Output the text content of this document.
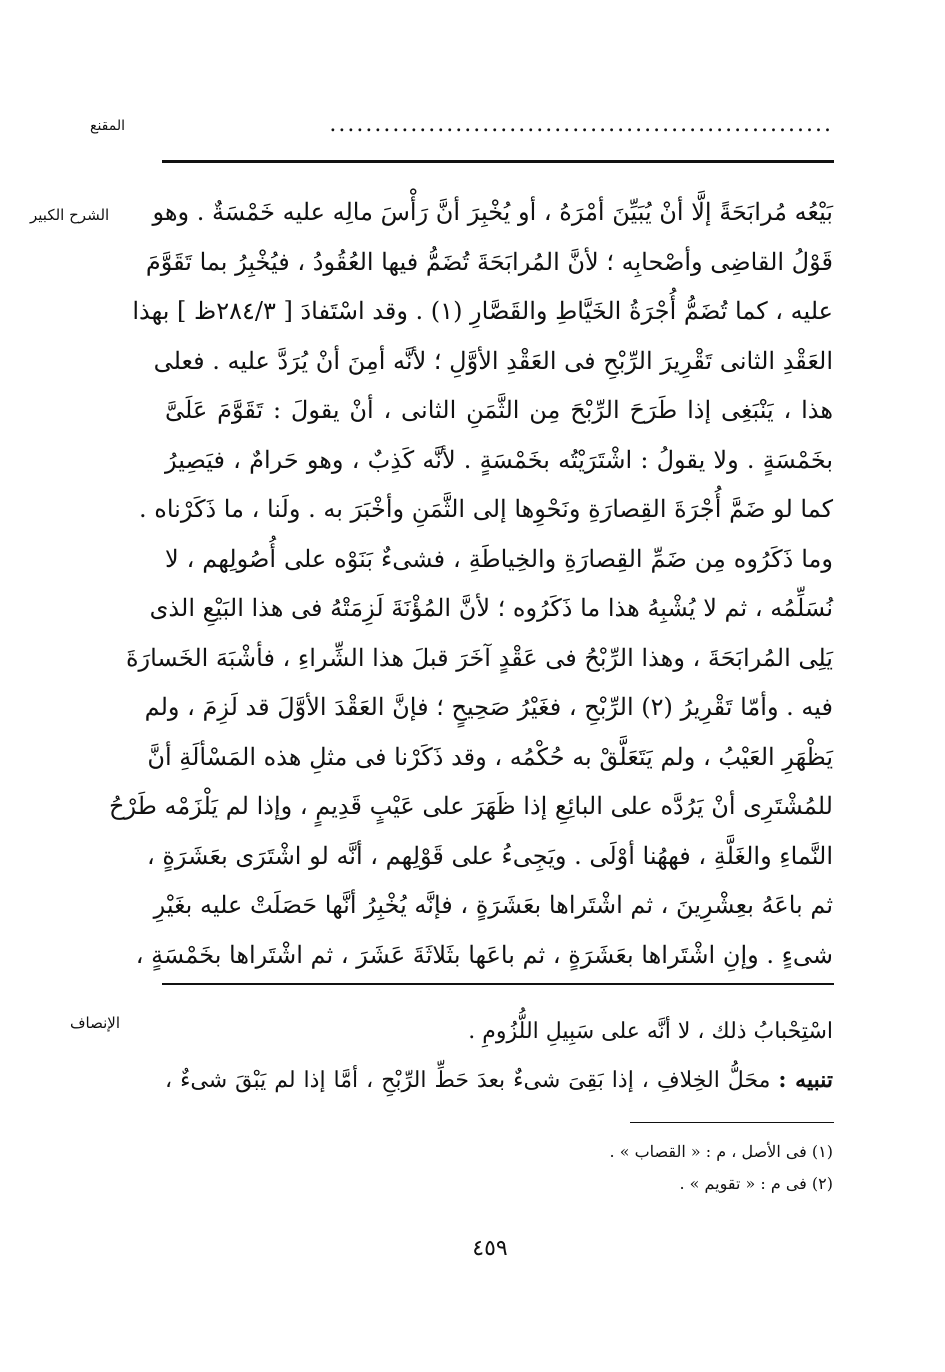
المقنع	........................................................
الشرح الكبير	بَيْعُه مُرابَحَةً إلَّا أنْ يُبَيِّنَ أمْرَهُ ، أو يُخْبِرَ أنَّ رَأْسَ مالِه عليه خَمْسَةٌ . وهو
قَوْلُ القاضِى وأصْحابِه ؛ لأنَّ المُرابَحَةَ تُضَمُّ فيها العُقُودُ ، فيُخْبِرُ بما تَقَوَّمَ
عليه ، كما تُضَمُّ أُجْرَةُ الخَيَّاطِ والقَصَّارِ (١) . وقد اسْتَفادَ [ ٢٨٤/٣ظ ] بهذا
العَقْدِ الثانى تَقْرِيرَ الرِّبْحِ فى العَقْدِ الأوَّلِ ؛ لأنَّه أمِنَ أنْ يُرَدَّ عليه . فعلى
هذا ، يَنْبَغِى إذا طَرَحَ الرِّبْحَ مِن الثَّمَنِ الثانى ، أنْ يقولَ : تَقَوَّمَ عَلَىَّ
بخَمْسَةٍ . ولا يقولُ : اشْتَرَيْتُه بخَمْسَةٍ . لأنَّه كَذِبٌ ، وهو حَرامٌ ، فيَصِيرُ
كما لو ضَمَّ أُجْرَةَ القِصارَةِ ونَحْوِها إلى الثَّمَنِ وأخْبَرَ به . ولَنا ، ما ذَكَرْناه .
وما ذَكَرُوه مِن ضَمِّ القِصارَةِ والخِياطَةِ ، فشىءٌ بَنَوْه على أُصُولِهم ، لا
نُسَلِّمُه ، ثم لا يُشْبِهُ هذا ما ذَكَرُوه ؛ لأنَّ المُؤْنَةَ لَزِمَتْهُ فى هذا البَيْعِ الذى
يَلِى المُرابَحَةَ ، وهذا الرِّبْحُ فى عَقْدٍ آخَرَ قبلَ هذا الشِّراءِ ، فأشْبَهَ الخَسارَةَ
فيه . وأمّا تَقْرِيرُ (٢) الرِّبْحِ ، فغَيْرُ صَحِيحٍ ؛ فإنَّ العَقْدَ الأوَّلَ قد لَزِمَ ، ولم
يَظْهَرِ العَيْبُ ، ولم يَتَعَلَّقْ به حُكْمُه ، وقد ذَكَرْنا فى مثلِ هذه المَسْألَةِ أنَّ
للمُشْتَرِى أنْ يَرُدَّه على البائِعِ إذا ظَهَرَ على عَيْبٍ قَدِيمٍ ، وإذا لم يَلْزَمْه طَرْحُ
النَّماءِ والغَلَّةِ ، فههُنا أوْلَى . ويَجِىءُ على قَوْلِهم ، أنَّه لو اشْتَرَى بعَشَرَةٍ ،
ثم باعَهُ بعِشْرِينَ ، ثم اشْتَراها بعَشَرَةٍ ، فإنَّه يُخْبِرُ أنَّها حَصَلَتْ عليه بغَيْرِ
شىءٍ . وإنِ اشْتَراها بعَشَرَةٍ ، ثم باعَها بثَلاثَةَ عَشَرَ ، ثم اشْتَراها بخَمْسَةٍ ،
الإنصاف	اسْتِحْبابُ ذلك ، لا أنَّه على سَبِيلِ اللُّزُومِ .
تنبيه : محَلُّ الخِلافِ ، إذا بَقِىَ شىءٌ بعدَ حَطِّ الرِّبْحِ ، أمَّا إذا لم يَبْقَ شىءٌ ،
(١) فى الأصل ، م : « القصاب » .
(٢) فى م : « تقويم » .
٤٥٩
